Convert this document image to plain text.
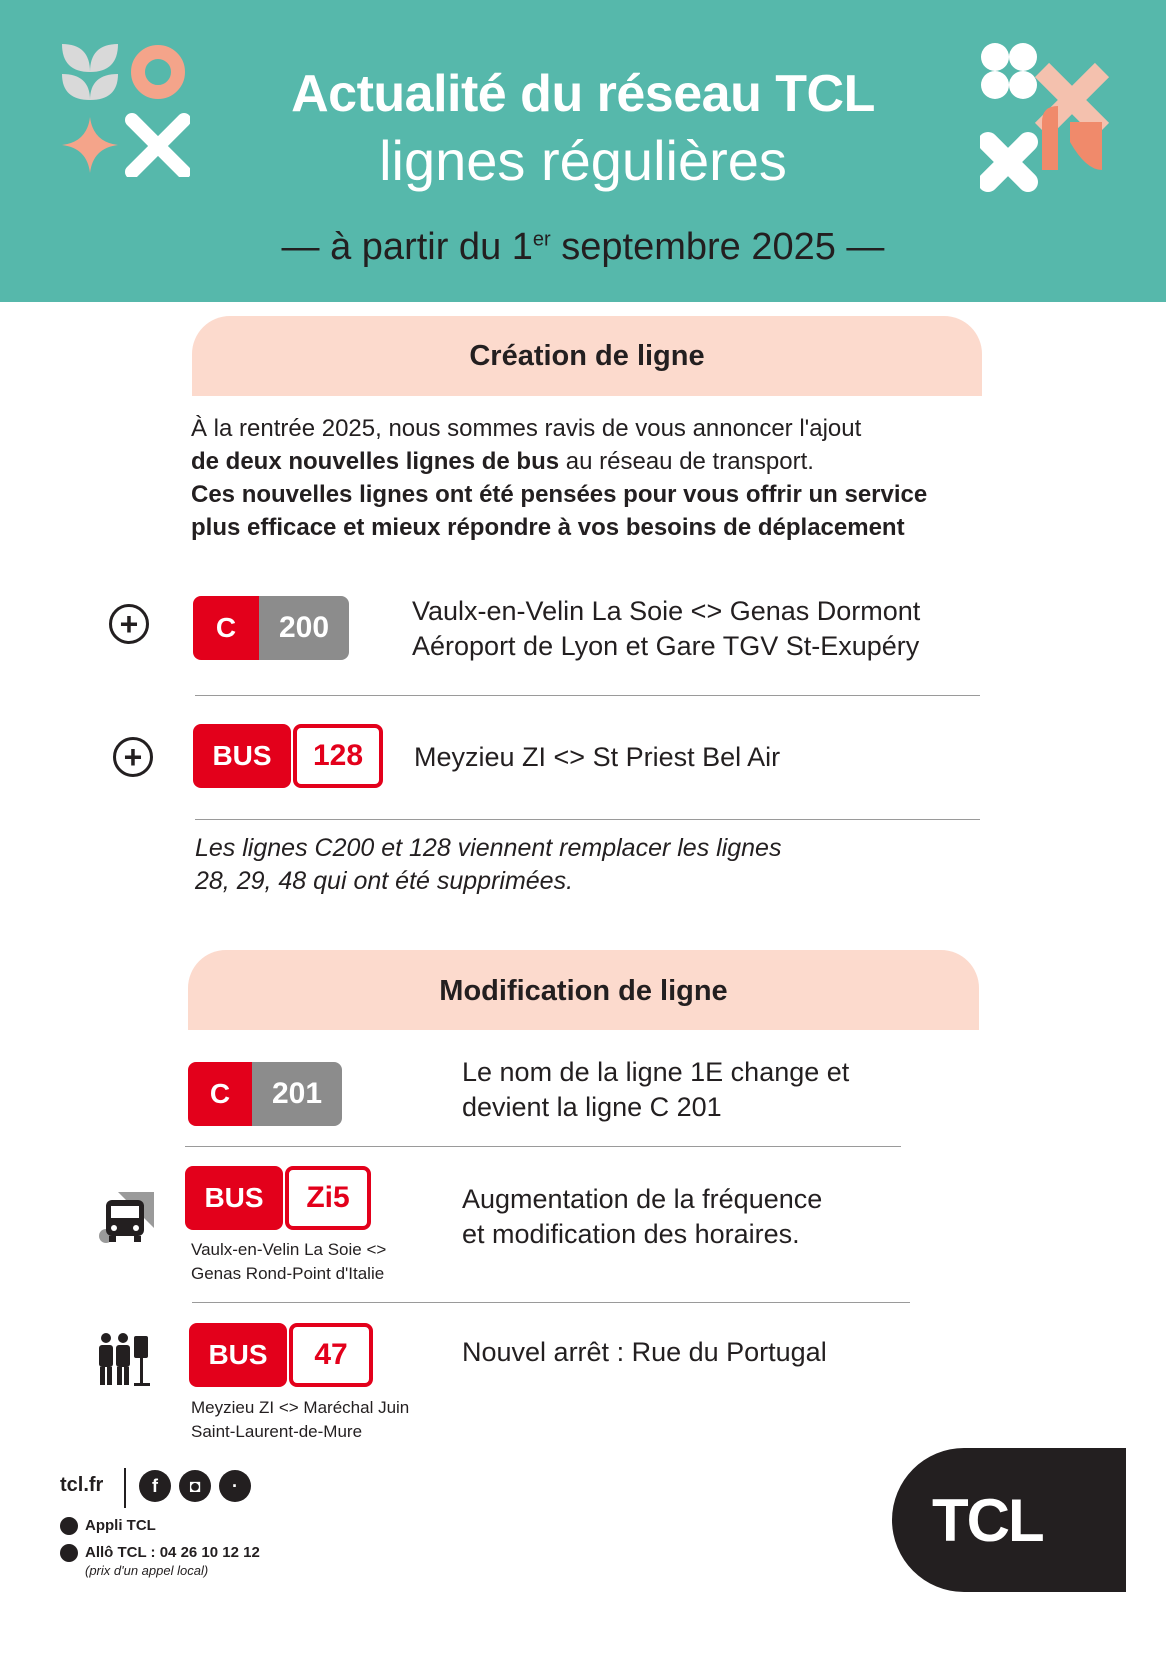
Actualité du réseau TCL
lignes régulières
— à partir du 1er septembre 2025 —
Création de ligne
À la rentrée 2025, nous sommes ravis de vous annoncer l'ajout
de deux nouvelles lignes de bus au réseau de transport.
Ces nouvelles lignes ont été pensées pour vous offrir un service
plus efficace et mieux répondre à vos besoins de déplacement
+	C	200	Vaulx-en-Velin La Soie <> Genas Dormont
Aéroport de Lyon et Gare TGV St-Exupéry
+	BUS	128	Meyzieu ZI <> St Priest Bel Air
Les lignes C200 et 128 viennent remplacer les lignes
28, 29, 48 qui ont été supprimées.
Modification de ligne
C	201
Le nom de la ligne 1E change et
devient la ligne C 201
BUS	Zi5
Vaulx-en-Velin La Soie <>
Genas Rond-Point d'Italie
Augmentation de la fréquence
et modification des horaires.
BUS	47
Meyzieu ZI <> Maréchal Juin
Saint-Laurent-de-Mure
Nouvel arrêt : Rue du Portugal
tcl.fr	f	◘	·
Appli TCL
Allô TCL : 04 26 10 12 12
(prix d'un appel local)
TCL
